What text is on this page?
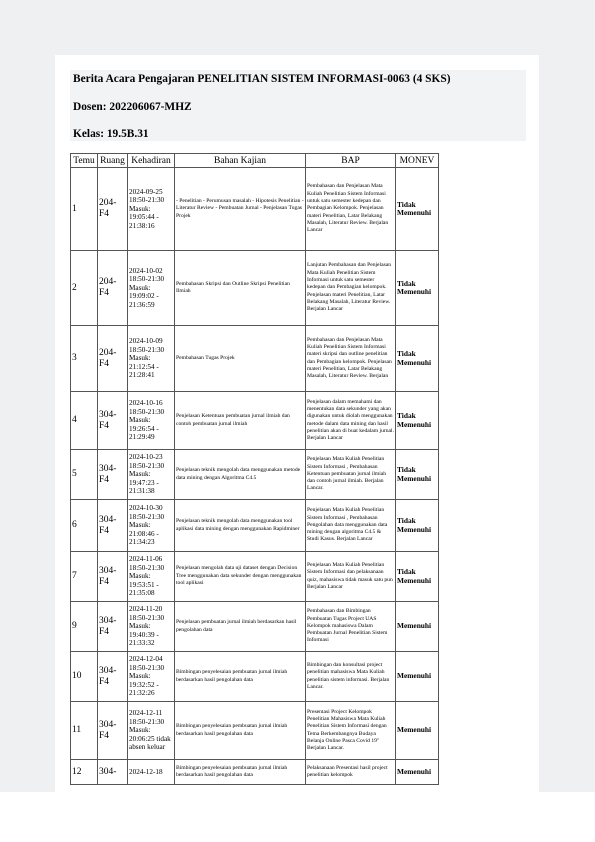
Berita Acara Pengajaran PENELITIAN SISTEM INFORMASI-0063 (4 SKS)
Dosen: 202206067-MHZ
Kelas: 19.5B.31
Temu	Ruang	Kehadiran	Bahan Kajian	BAP	MONEV
1	204-F4	2024-09-25 18:50-21:30 Masuk: 19:05:44 - 21:38:16	- Penelitian - Perumusan masalah - Hipotesis Penelitian - Literatur Review - Pembuatan Jurnal - Penjelasan Tugas Projek	Pembahasan dan Penjelasan Mata Kuliah Penelitian Sistem Informasi untuk satu semester kedepan dan Pembagian Kelompok. Penjelasan materi Penelitian, Latar Belakang Masalah, Literatur Review. Berjalan Lancar	Tidak Memenuhi
2	204-F4	2024-10-02 18:50-21:30 Masuk: 19:09:02 - 21:36:59	Pembahasan Skripsi dan Outline Skripsi Penelitian Ilmiah	Lanjutan Pembahasan dan Penjelasan Mata Kuliah Penelitian Sistem Informasi untuk satu semester kedepan dan Pembagian kelompok. Penjelasan materi Penelitian, Latar Belakang Masalah, Literatur Review. Berjalan Lancar	Tidak Memenuhi
3	204-F4	2024-10-09 18:50-21:30 Masuk: 21:12:54 - 21:28:41	Pembahasan Tugas Projek	Pembahasan dan Penjelasan Mata Kuliah Penelitian Sistem Informasi materi skripsi dan outline penelitian dan Pembagian kelompok. Penjelasan materi Penelitian, Latar Belakang Masalah, Literatur Review. Berjalan	Tidak Memenuhi
4	304-F4	2024-10-16 18:50-21:30 Masuk: 19:26:54 - 21:29:49	Penjelasan Ketentuan pembuatan jurnal ilmiah dan contoh pembuatan jurnal ilmiah	Penjelasan dalam memahami dan menentukan data sekunder yang akan digunakan untuk diolah menggunakan metode dalam data mining dan hasil penelitian akan di buat kedalam jurnal. Berjalan Lancar	Tidak Memenuhi
5	304-F4	2024-10-23 18:50-21:30 Masuk: 19:47:23 - 21:31:38	Penjelasan teknik mengolah data menggunakan metode data mining dengan Algoritma C4.5	Penjelasan Mata Kuliah Penelitian Sistem Informasi , Pembahasan Ketentuan pembuatan jurnal ilmiah dan contoh jurnal ilmiah. Berjalan Lancar.	Tidak Memenuhi
6	304-F4	2024-10-30 18:50-21:30 Masuk: 21:08:46 - 21:34:23	Penjelasan teknik mengolah data menggunakan tool aplikasi data mining dengan menggunakan Rapidminer	Penjelasan Mata Kuliah Penelitian Sistem Informasi , Pembahasan Pengolahan data menggunakan data mining dengan algoritma C4.5 & Studi Kasus. Berjalan Lancar	Tidak Memenuhi
7	304-F4	2024-11-06 18:50-21:30 Masuk: 19:53:51 - 21:35:08	Penjelasan mengolah data uji dataset dengan Decision Tree menggunakan data sekunder dengan menggunakan tool aplikasi	Penjelasan Mata Kuliah Penelitian Sistem Informasi dan pelaksanaan quiz, mahasiswa tidak masuk satu pun Berjalan Lancar	Tidak Memenuhi
9	304-F4	2024-11-20 18:50-21:30 Masuk: 19:40:39 - 21:33:32	Penjelasan pembuatan jurnal ilmiah berdasarkan hasil pengolahan data	Pembahasan dan Bimbingan Pembuatan Tugas Project UAS Kelompok mahasiswa Dalam Pembuatan Jurnal Penelitian Sistem Informasi	Memenuhi
10	304-F4	2024-12-04 18:50-21:30 Masuk: 19:32:52 - 21:32:26	Bimbingan penyelesaian pembuatan jurnal ilmiah berdasarkan hasil pengolahan data	Bimbingan dan konsultasi project penelitian mahasiswa Mata Kuliah penelitian sistem informasi. Berjalan Lancar.	Memenuhi
11	304-F4	2024-12-11 18:50-21:30 Masuk: 20:06:25 tidak absen keluar	Bimbingan penyelesaian pembuatan jurnal ilmiah berdasarkan hasil pengolahan data	Presentasi Project Kelompok Penelitian Mahasiswa Mata Kuliah Penelitian Sistem Informasi dengan Tema Berkembangnya Budaya Belanja Online Pasca Covid 19" Berjalan Lancar.	Memenuhi
12	304-	2024-12-18	Bimbingan penyelesaian pembuatan jurnal ilmiah berdasarkan hasil pengolahan data	Pelaksanaan Presentasi hasil project penelitian kelompok	Memenuhi
